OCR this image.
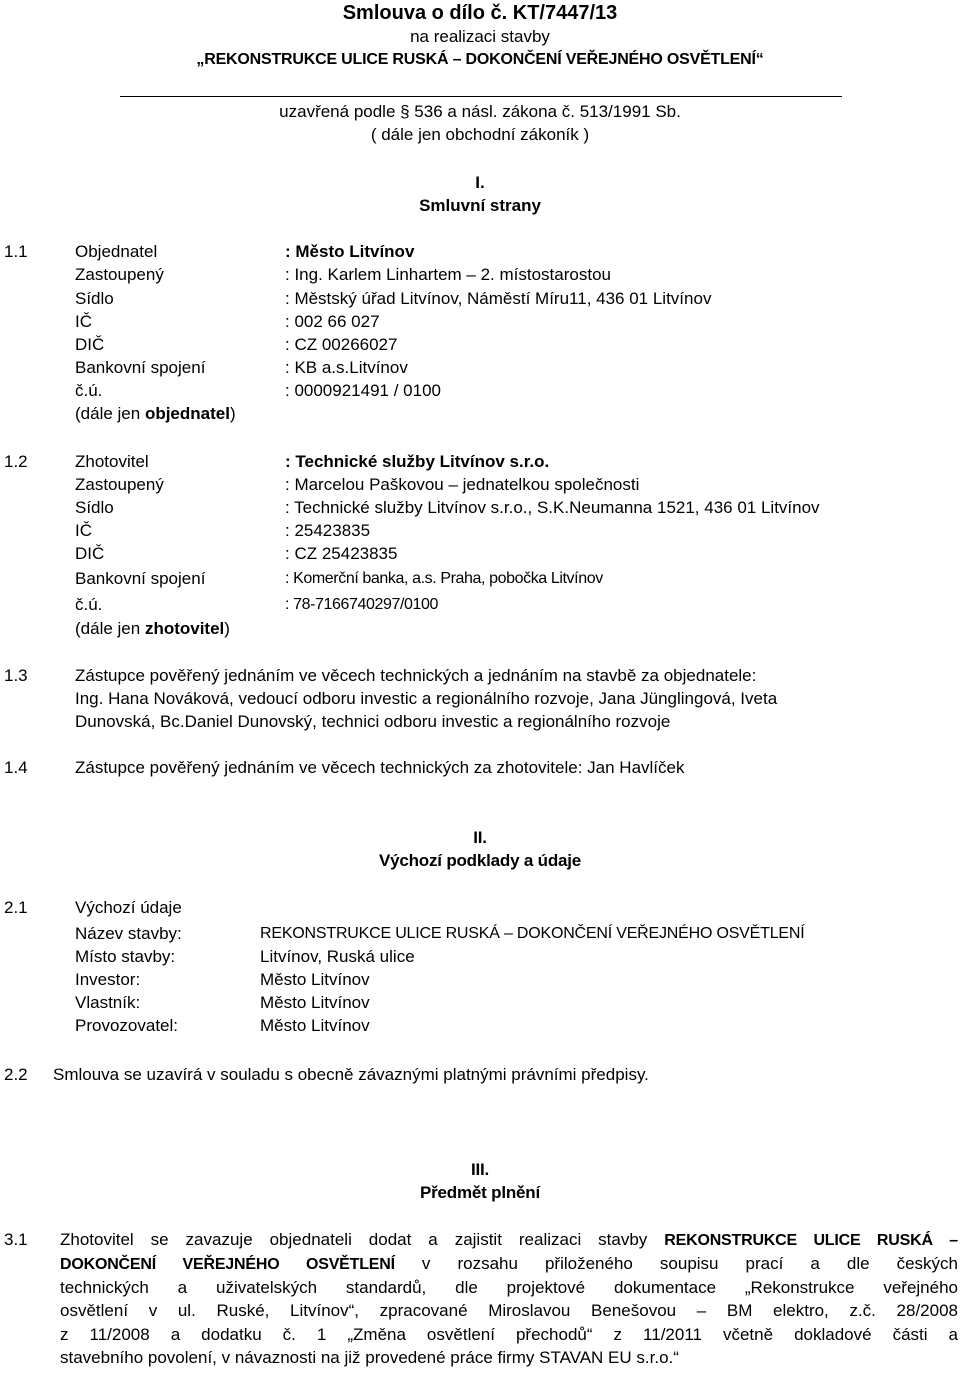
Smlouva o dílo č. KT/7447/13
na realizaci stavby
„REKONSTRUKCE ULICE RUSKÁ – DOKONČENÍ VEŘEJNÉHO OSVĚTLENÍ“
uzavřená podle § 536 a násl. zákona č. 513/1991 Sb.
( dále jen obchodní zákoník )
I.
Smluvní strany
1.1	Objednatel	: Město Litvínov
Zastoupený	: Ing. Karlem Linhartem – 2. místostarostou
Sídlo	: Městský úřad Litvínov, Náměstí Míru11, 436 01 Litvínov
IČ	: 002 66 027
DIČ	: CZ 00266027
Bankovní spojení	: KB a.s.Litvínov
č.ú.	: 0000921491 / 0100
(dále jen objednatel)
1.2	Zhotovitel	: Technické služby Litvínov s.r.o.
Zastoupený	: Marcelou Paškovou – jednatelkou společnosti
Sídlo	: Technické služby Litvínov s.r.o., S.K.Neumanna 1521, 436 01 Litvínov
IČ	: 25423835
DIČ	: CZ 25423835
Bankovní spojení	: Komerční banka, a.s. Praha, pobočka Litvínov
č.ú.	: 78-7166740297/0100
(dále jen zhotovitel)
1.3	Zástupce pověřený jednáním ve věcech technických a jednáním na stavbě za objednatele:
Ing. Hana Nováková, vedoucí odboru investic a regionálního rozvoje, Jana Jünglingová, Iveta
Dunovská, Bc.Daniel Dunovský, technici odboru investic a regionálního rozvoje
1.4	Zástupce pověřený jednáním ve věcech technických za zhotovitele: Jan Havlíček
II.
Výchozí podklady a údaje
2.1	Výchozí údaje
Název stavby:	REKONSTRUKCE ULICE RUSKÁ – DOKONČENÍ VEŘEJNÉHO OSVĚTLENÍ
Místo stavby:	Litvínov, Ruská ulice
Investor:	Město Litvínov
Vlastník:	Město Litvínov
Provozovatel:	Město Litvínov
2.2 Smlouva se uzavírá v souladu s obecně závaznými platnými právními předpisy.
III.
Předmět plnění
3.1 Zhotovitel se zavazuje objednateli dodat a zajistit realizaci stavby REKONSTRUKCE ULICE RUSKÁ –
DOKONČENÍ VEŘEJNÉHO OSVĚTLENÍ v rozsahu přiloženého soupisu prací a dle českých
technických a uživatelských standardů, dle projektové dokumentace „Rekonstrukce veřejného
osvětlení v ul. Ruské, Litvínov“, zpracované Miroslavou Benešovou – BM elektro, z.č. 28/2008
z 11/2008 a dodatku č. 1 „Změna osvětlení přechodů“ z 11/2011 včetně dokladové části a
stavebního povolení, v návaznosti na již provedené práce firmy STAVAN EU s.r.o.“
